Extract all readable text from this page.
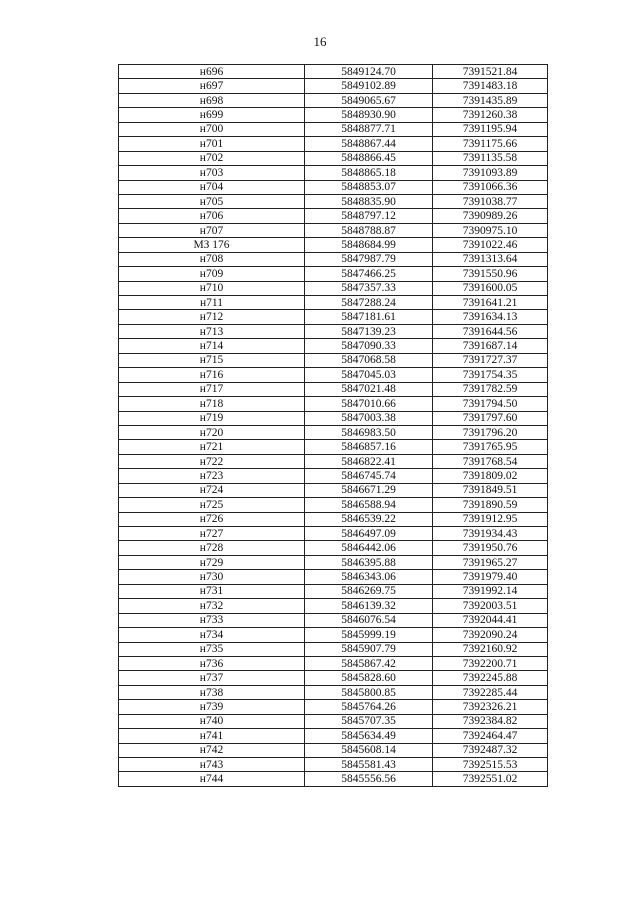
16
н696	5849124.70	7391521.84
н697	5849102.89	7391483.18
н698	5849065.67	7391435.89
н699	5848930.90	7391260.38
н700	5848877.71	7391195.94
н701	5848867.44	7391175.66
н702	5848866.45	7391135.58
н703	5848865.18	7391093.89
н704	5848853.07	7391066.36
н705	5848835.90	7391038.77
н706	5848797.12	7390989.26
н707	5848788.87	7390975.10
МЗ 176	5848684.99	7391022.46
н708	5847987.79	7391313.64
н709	5847466.25	7391550.96
н710	5847357.33	7391600.05
н711	5847288.24	7391641.21
н712	5847181.61	7391634.13
н713	5847139.23	7391644.56
н714	5847090.33	7391687.14
н715	5847068.58	7391727.37
н716	5847045.03	7391754.35
н717	5847021.48	7391782.59
н718	5847010.66	7391794.50
н719	5847003.38	7391797.60
н720	5846983.50	7391796.20
н721	5846857.16	7391765.95
н722	5846822.41	7391768.54
н723	5846745.74	7391809.02
н724	5846671.29	7391849.51
н725	5846588.94	7391890.59
н726	5846539.22	7391912.95
н727	5846497.09	7391934.43
н728	5846442.06	7391950.76
н729	5846395.88	7391965.27
н730	5846343.06	7391979.40
н731	5846269.75	7391992.14
н732	5846139.32	7392003.51
н733	5846076.54	7392044.41
н734	5845999.19	7392090.24
н735	5845907.79	7392160.92
н736	5845867.42	7392200.71
н737	5845828.60	7392245.88
н738	5845800.85	7392285.44
н739	5845764.26	7392326.21
н740	5845707.35	7392384.82
н741	5845634.49	7392464.47
н742	5845608.14	7392487.32
н743	5845581.43	7392515.53
н744	5845556.56	7392551.02
